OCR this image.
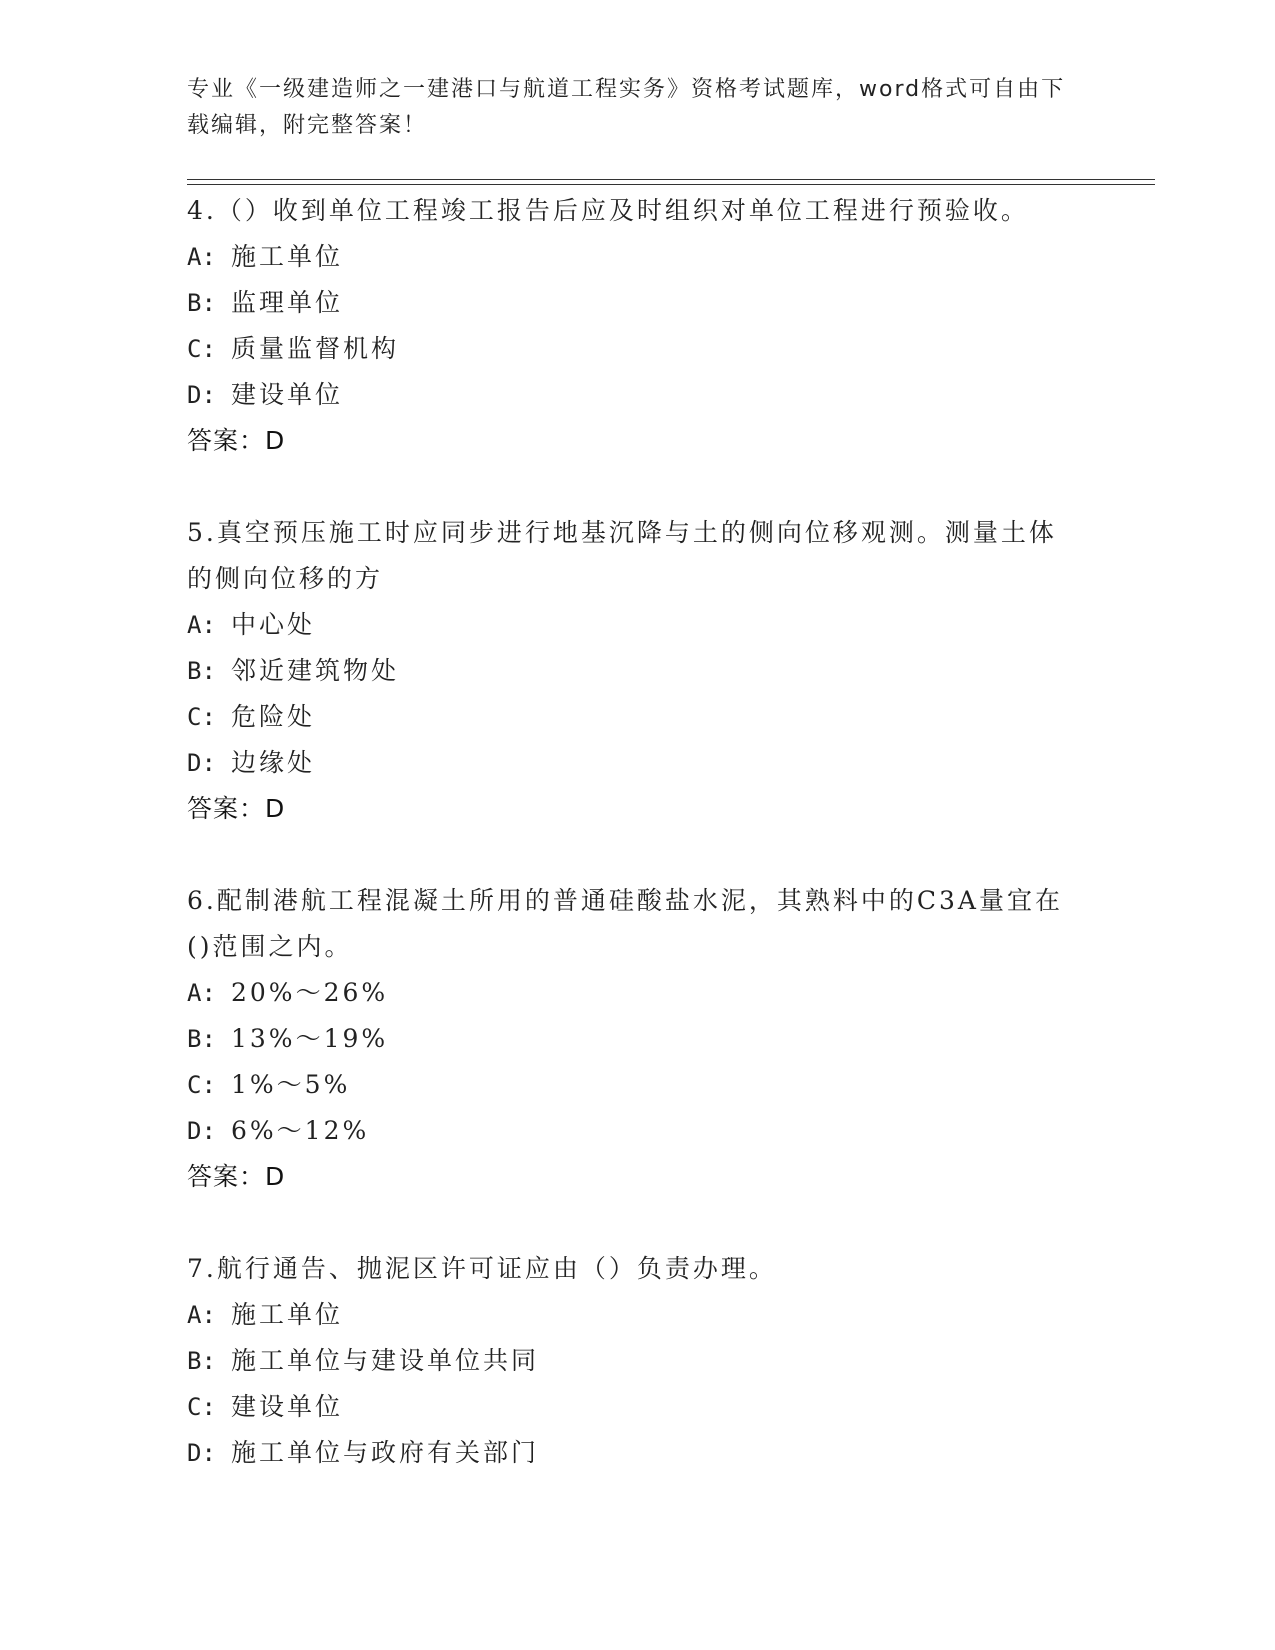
专业《一级建造师之一建港口与航道工程实务》资格考试题库，word格式可自由下载编辑，附完整答案！
4.（）收到单位工程竣工报告后应及时组织对单位工程进行预验收。
A: 施工单位
B: 监理单位
C: 质量监督机构
D: 建设单位
答案：D
5.真空预压施工时应同步进行地基沉降与土的侧向位移观测。测量土体的侧向位移的方
A: 中心处
B: 邻近建筑物处
C: 危险处
D: 边缘处
答案：D
6.配制港航工程混凝土所用的普通硅酸盐水泥，其熟料中的C3A量宜在()范围之内。
A: 20%～26%
B: 13%～19%
C: 1%～5%
D: 6%～12%
答案：D
7.航行通告、抛泥区许可证应由（）负责办理。
A: 施工单位
B: 施工单位与建设单位共同
C: 建设单位
D: 施工单位与政府有关部门
